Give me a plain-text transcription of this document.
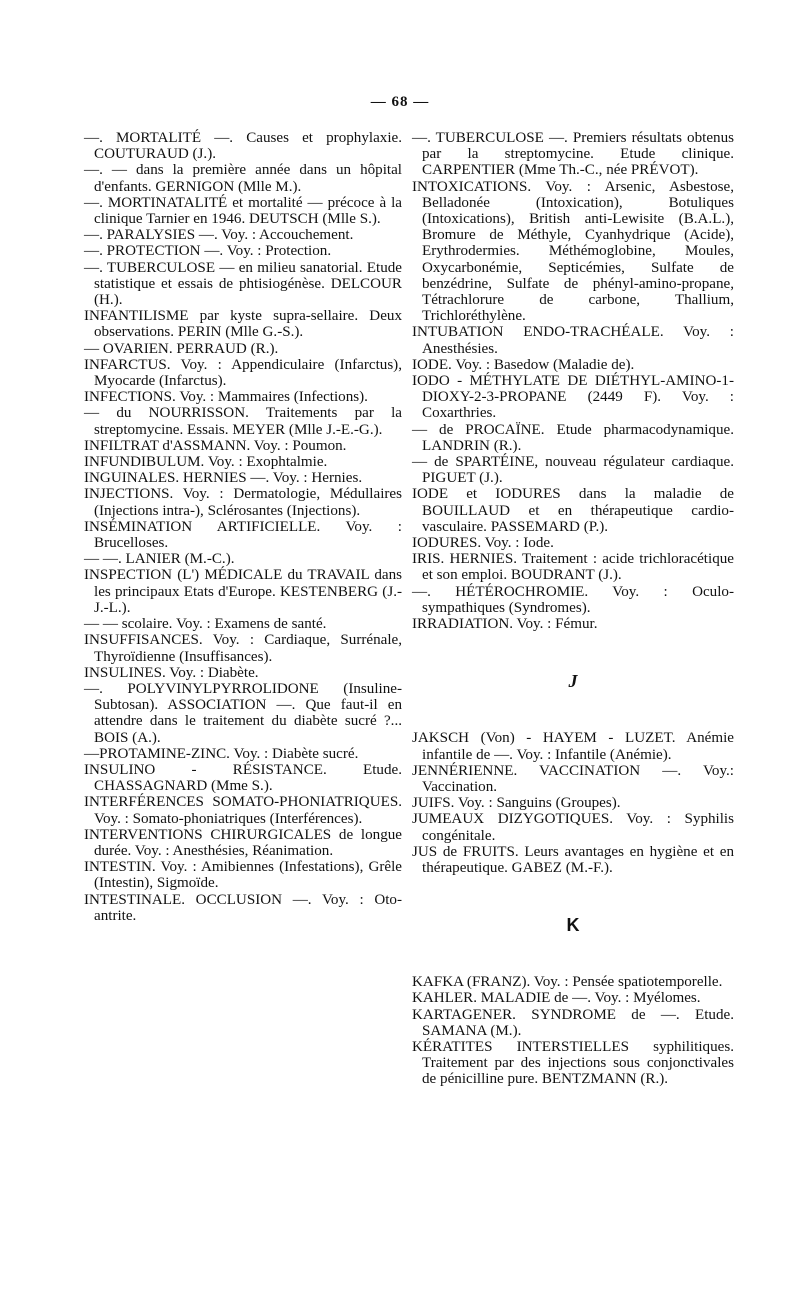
— 68 —

—. MORTALITÉ —. Causes et prophylaxie. COUTURAUD (J.).

—. — dans la première année dans un hôpital d'enfants. GERNIGON (Mlle M.).

—. MORTINATALITÉ et mortalité — précoce à la clinique Tarnier en 1946. DEUTSCH (Mlle S.).

—. PARALYSIES —. Voy. : Accouchement.

—. PROTECTION —. Voy. : Protection.

—. TUBERCULOSE — en milieu sanatorial. Etude statistique et essais de phtisiogénèse. DELCOUR (H.).

INFANTILISME par kyste supra-sellaire. Deux observations. PERIN (Mlle G.-S.).

— OVARIEN. PERRAUD (R.).

INFARCTUS. Voy. : Appendiculaire (Infarctus), Myocarde (Infarctus).

INFECTIONS. Voy. : Mammaires (Infections).

— du NOURRISSON. Traitements par la streptomycine. Essais. MEYER (Mlle J.-E.-G.).

INFILTRAT d'ASSMANN. Voy. : Poumon.

INFUNDIBULUM. Voy. : Exophtalmie.

INGUINALES. HERNIES —. Voy. : Hernies.

INJECTIONS. Voy. : Dermatologie, Médullaires (Injections intra-), Sclérosantes (Injections).

INSÉMINATION ARTIFICIELLE. Voy. : Brucelloses.

— —. LANIER (M.-C.).

INSPECTION (L') MÉDICALE du TRAVAIL dans les principaux Etats d'Europe. KESTENBERG (J.-J.-L.).

— — scolaire. Voy. : Examens de santé.

INSUFFISANCES. Voy. : Cardiaque, Surrénale, Thyroïdienne (Insuffisances).

INSULINES. Voy. : Diabète.

—. POLYVINYLPYRROLIDONE (Insuline-Subtosan). ASSOCIATION —. Que faut-il en attendre dans le traitement du diabète sucré ?... BOIS (A.).

—PROTAMINE-ZINC. Voy. : Diabète sucré.

INSULINO - RÉSISTANCE. Etude. CHASSAGNARD (Mme S.).

INTERFÉRENCES SOMATO-PHONIATRIQUES. Voy. : Somato-phoniatriques (Interférences).

INTERVENTIONS CHIRURGICALES de longue durée. Voy. : Anesthésies, Réanimation.

INTESTIN. Voy. : Amibiennes (Infestations), Grêle (Intestin), Sigmoïde.

INTESTINALE. OCCLUSION —. Voy. : Oto-antrite.

—. TUBERCULOSE —. Premiers résultats obtenus par la streptomycine. Etude clinique. CARPENTIER (Mme Th.-C., née PRÉVOT).

INTOXICATIONS. Voy. : Arsenic, Asbestose, Belladonée (Intoxication), Botuliques (Intoxications), British anti-Lewisite (B.A.L.), Bromure de Méthyle, Cyanhydrique (Acide), Erythrodermies. Méthémoglobine, Moules, Oxycarbonémie, Septicémies, Sulfate de benzédrine, Sulfate de phényl-amino-propane, Tétrachlorure de carbone, Thallium, Trichloréthylène.

INTUBATION ENDO-TRACHÉALE. Voy. : Anesthésies.

IODE. Voy. : Basedow (Maladie de).

IODO - MÉTHYLATE DE DIÉTHYL-AMINO-1-DIOXY-2-3-PROPANE (2449 F). Voy. : Coxarthries.

— de PROCAÏNE. Etude pharmacodynamique. LANDRIN (R.).

— de SPARTÉINE, nouveau régulateur cardiaque. PIGUET (J.).

IODE et IODURES dans la maladie de BOUILLAUD et en thérapeutique cardio-vasculaire. PASSEMARD (P.).

IODURES. Voy. : Iode.

IRIS. HERNIES. Traitement : acide trichloracétique et son emploi. BOUDRANT (J.).

—. HÉTÉROCHROMIE. Voy. : Oculo-sympathiques (Syndromes).

IRRADIATION. Voy. : Fémur.

J

JAKSCH (Von) - HAYEM - LUZET. Anémie infantile de —. Voy. : Infantile (Anémie).

JENNÉRIENNE. VACCINATION —. Voy.: Vaccination.

JUIFS. Voy. : Sanguins (Groupes).

JUMEAUX DIZYGOTIQUES. Voy. : Syphilis congénitale.

JUS de FRUITS. Leurs avantages en hygiène et en thérapeutique. GABEZ (M.-F.).

K

KAFKA (FRANZ). Voy. : Pensée spatiotemporelle.

KAHLER. MALADIE de —. Voy. : Myélomes.

KARTAGENER. SYNDROME de —. Etude. SAMANA (M.).

KÉRATITES INTERSTIELLES syphilitiques. Traitement par des injections sous conjonctivales de pénicilline pure. BENTZMANN (R.).
